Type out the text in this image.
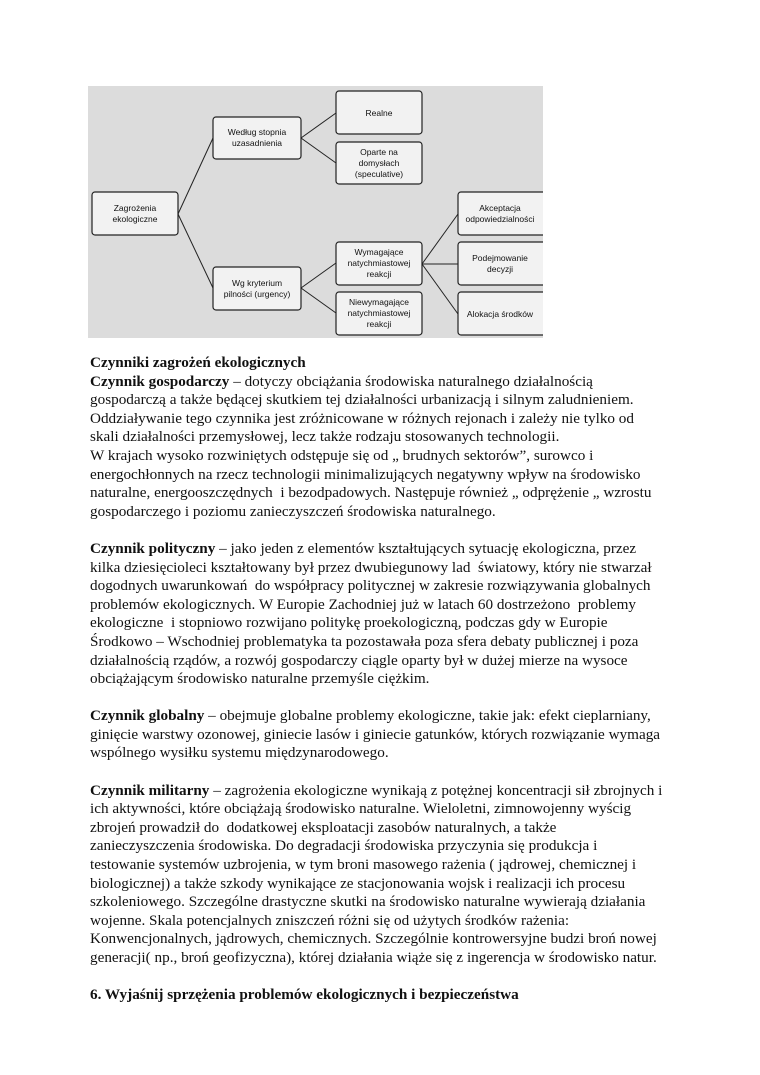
Zagrożenia
ekologiczne
Według stopnia
uzasadnienia
Wg kryterium
pilności (urgency)
Realne
Oparte na
domysłach
(speculative)
Wymagające
natychmiastowej
reakcji
Niewymagające
natychmiastowej
reakcji
Akceptacja
odpowiedzialności
Podejmowanie
decyzji
Alokacja środków
Czynniki zagrożeń ekologicznych
Czynnik gospodarczy – dotyczy obciążania środowiska naturalnego działalnością
gospodarczą a także będącej skutkiem tej działalności urbanizacją i silnym zaludnieniem.
Oddziaływanie tego czynnika jest zróżnicowane w różnych rejonach i zależy nie tylko od
skali działalności przemysłowej, lecz także rodzaju stosowanych technologii.
W krajach wysoko rozwiniętych odstępuje się od „ brudnych sektorów”, surowco i
energochłonnych na rzecz technologii minimalizujących negatywny wpływ na środowisko
naturalne, energooszczędnych  i bezodpadowych. Następuje również „ odprężenie „ wzrostu
gospodarczego i poziomu zanieczyszczeń środowiska naturalnego.
Czynnik polityczny – jako jeden z elementów kształtujących sytuację ekologiczna, przez
kilka dziesięcioleci kształtowany był przez dwubiegunowy lad  światowy, który nie stwarzał
dogodnych uwarunkowań  do współpracy politycznej w zakresie rozwiązywania globalnych
problemów ekologicznych. W Europie Zachodniej już w latach 60 dostrzeżono  problemy
ekologiczne  i stopniowo rozwijano politykę proekologiczną, podczas gdy w Europie
Środkowo – Wschodniej problematyka ta pozostawała poza sfera debaty publicznej i poza
działalnością rządów, a rozwój gospodarczy ciągle oparty był w dużej mierze na wysoce
obciążającym środowisko naturalne przemyśle ciężkim.
Czynnik globalny – obejmuje globalne problemy ekologiczne, takie jak: efekt cieplarniany,
ginięcie warstwy ozonowej, giniecie lasów i giniecie gatunków, których rozwiązanie wymaga
wspólnego wysiłku systemu międzynarodowego.
Czynnik militarny – zagrożenia ekologiczne wynikają z potężnej koncentracji sił zbrojnych i
ich aktywności, które obciążają środowisko naturalne. Wieloletni, zimnowojenny wyścig
zbrojeń prowadził do  dodatkowej eksploatacji zasobów naturalnych, a także
zanieczyszczenia środowiska. Do degradacji środowiska przyczynia się produkcja i
testowanie systemów uzbrojenia, w tym broni masowego rażenia ( jądrowej, chemicznej i
biologicznej) a także szkody wynikające ze stacjonowania wojsk i realizacji ich procesu
szkoleniowego. Szczególne drastyczne skutki na środowisko naturalne wywierają działania
wojenne. Skala potencjalnych zniszczeń różni się od użytych środków rażenia:
Konwencjonalnych, jądrowych, chemicznych. Szczególnie kontrowersyjne budzi broń nowej
generacji( np., broń geofizyczna), której działania wiąże się z ingerencja w środowisko natur.
6. Wyjaśnij sprzężenia problemów ekologicznych i bezpieczeństwa
